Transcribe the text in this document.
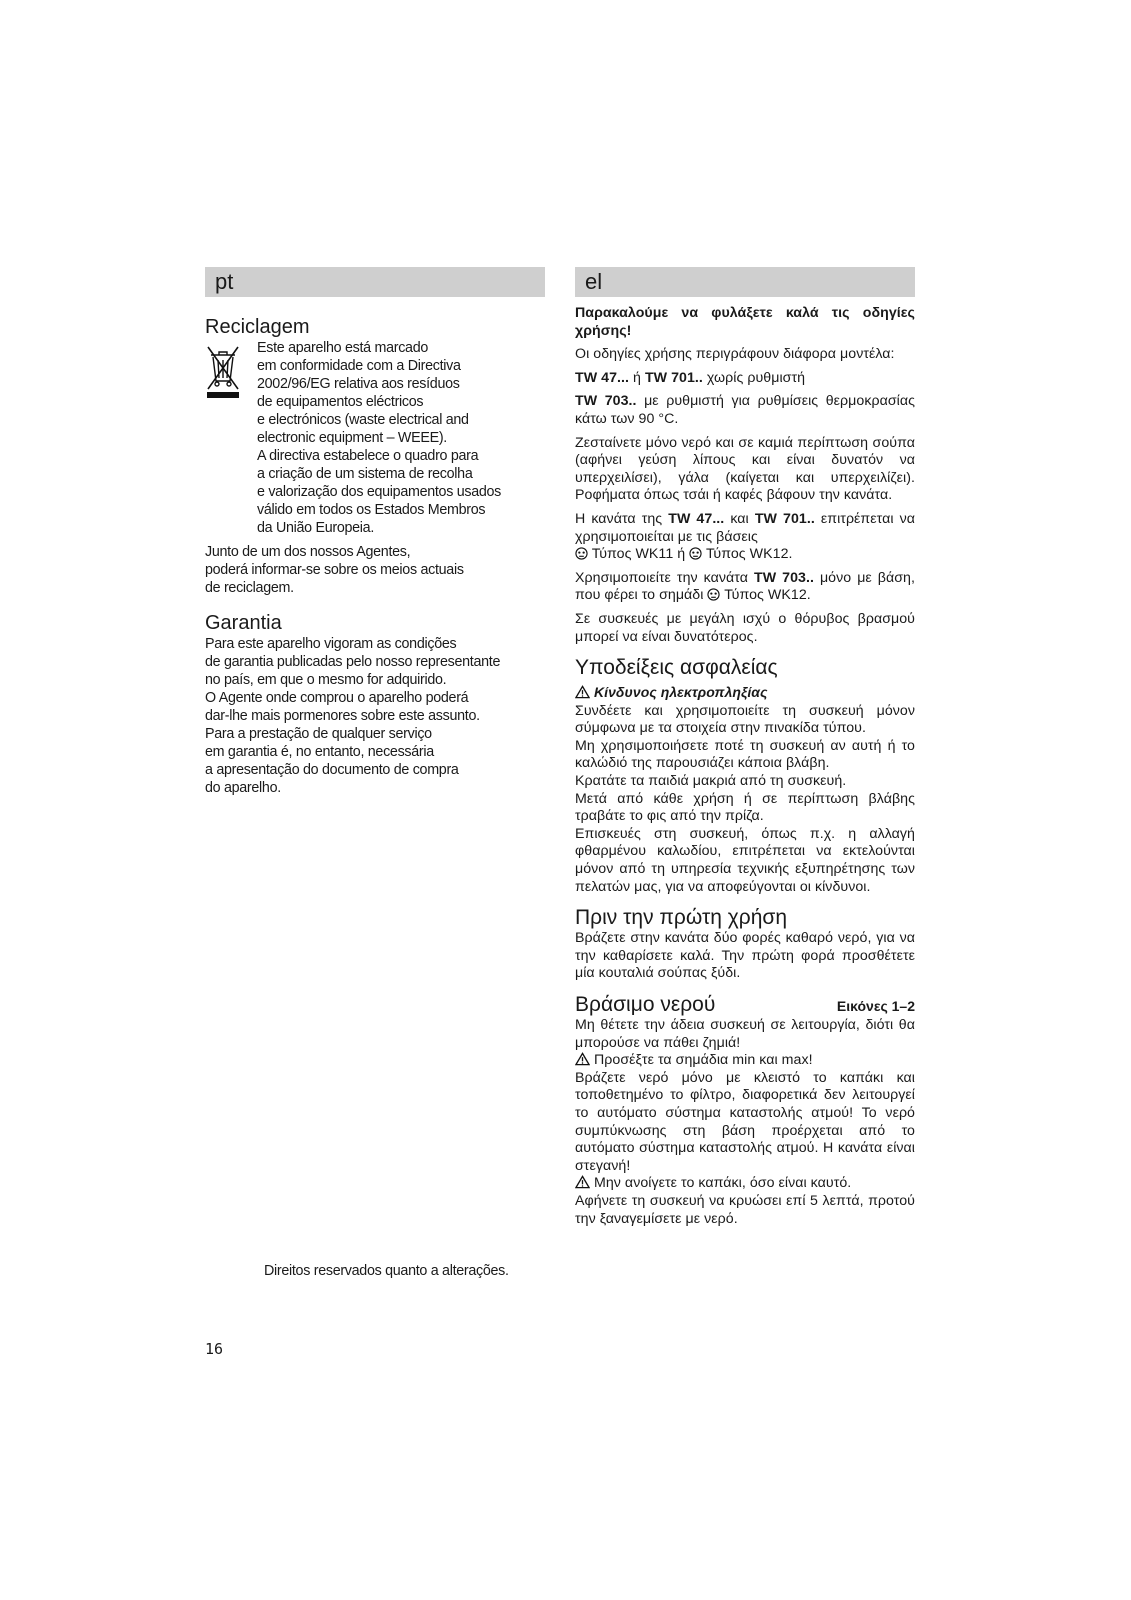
pt
Reciclagem

Este aparelho está marcado

em conformidade com a Directiva

2002/96/EG relativa aos resíduos

de equipamentos eléctricos

e electrónicos (waste electrical and

electronic equipment – WEEE).

A directiva estabelece o quadro para

a criação de um sistema de recolha

e valorização dos equipamentos usados

válido em todos os Estados Membros

da União Europeia.

Junto de um dos nossos Agentes,

poderá informar-se sobre os meios actuais

de reciclagem.

Garantia

Para este aparelho vigoram as condições

de garantia publicadas pelo nosso representante

no país, em que o mesmo for adquirido.

O Agente onde comprou o aparelho poderá

dar-lhe mais pormenores sobre este assunto.

Para a prestação de qualquer serviço

em garantia é, no entanto, necessária

a apresentação do documento de compra

do aparelho.

Direitos reservados quanto a alterações.
el

Παρακαλούμε να φυλάξετε καλά τις οδηγίες χρήσης!

Οι οδηγίες χρήσης περιγράφουν διάφορα μοντέλα:

TW 47... ή TW 701.. χωρίς ρυθμιστή

TW 703.. με ρυθμιστή για ρυθμίσεις θερμοκρασίας κάτω των 90 °C.

Ζεσταίνετε μόνο νερό και σε καμιά περίπτωση σούπα (αφήνει γεύση λίπους και είναι δυνατόν να υπερχειλίσει), γάλα (καίγεται και υπερχειλίζει). Ροφήματα όπως τσάι ή καφές βάφουν την κανάτα.

Η κανάτα της TW 47... και TW 701.. επιτρέπεται να χρησιμοποιείται με τις βάσεις
Τύπος WK11 ή  Τύπος WK12.

Χρησιμοποιείτε την κανάτα TW 703.. μόνο με βάση, που φέρει το σημάδι  Τύπος WK12.

Σε συσκευές με μεγάλη ισχύ ο θόρυβος βρασμού μπορεί να είναι δυνατότερος.

Υποδείξεις ασφαλείας

Κίνδυνος ηλεκτροπληξίας

Συνδέετε και χρησιμοποιείτε τη συσκευή μόνον σύμφωνα με τα στοιχεία στην πινακίδα τύπου.

Μη χρησιμοποιήσετε ποτέ τη συσκευή αν αυτή ή το καλώδιό της παρουσιάζει κάποια βλάβη.

Κρατάτε τα παιδιά μακριά από τη συσκευή.

Μετά από κάθε χρήση ή σε περίπτωση βλάβης τραβάτε το φις από την πρίζα.

Επισκευές στη συσκευή, όπως π.χ. η αλλαγή φθαρμένου καλωδίου, επιτρέπεται να εκτελούνται μόνον από τη υπηρεσία τεχνικής εξυπηρέτησης των πελατών μας, για να αποφεύγονται οι κίνδυνοι.

Πριν την πρώτη χρήση

Βράζετε στην κανάτα δύο φορές καθαρό νερό, για να την καθαρίσετε καλά. Την πρώτη φορά προσθέτετε μία κουταλιά σούπας ξύδι.

Βράσιμο νερού	Εικόνες 1–2

Μη θέτετε την άδεια συσκευή σε λειτουργία, διότι θα μπορούσε να πάθει ζημιά!

Προσέξτε τα σημάδια min και max!

Βράζετε νερό μόνο με κλειστό το καπάκι και τοποθετημένο το φίλτρο, διαφορετικά δεν λειτουργεί το αυτόματο σύστημα καταστολής ατμού! Το νερό συμπύκνωσης στη βάση προέρχεται από το αυτόματο σύστημα καταστολής ατμού. Η κανάτα είναι στεγανή!

Μην ανοίγετε το καπάκι, όσο είναι καυτό.

Αφήνετε τη συσκευή να κρυώσει επί 5 λεπτά, προτού την ξαναγεμίσετε με νερό.

16
